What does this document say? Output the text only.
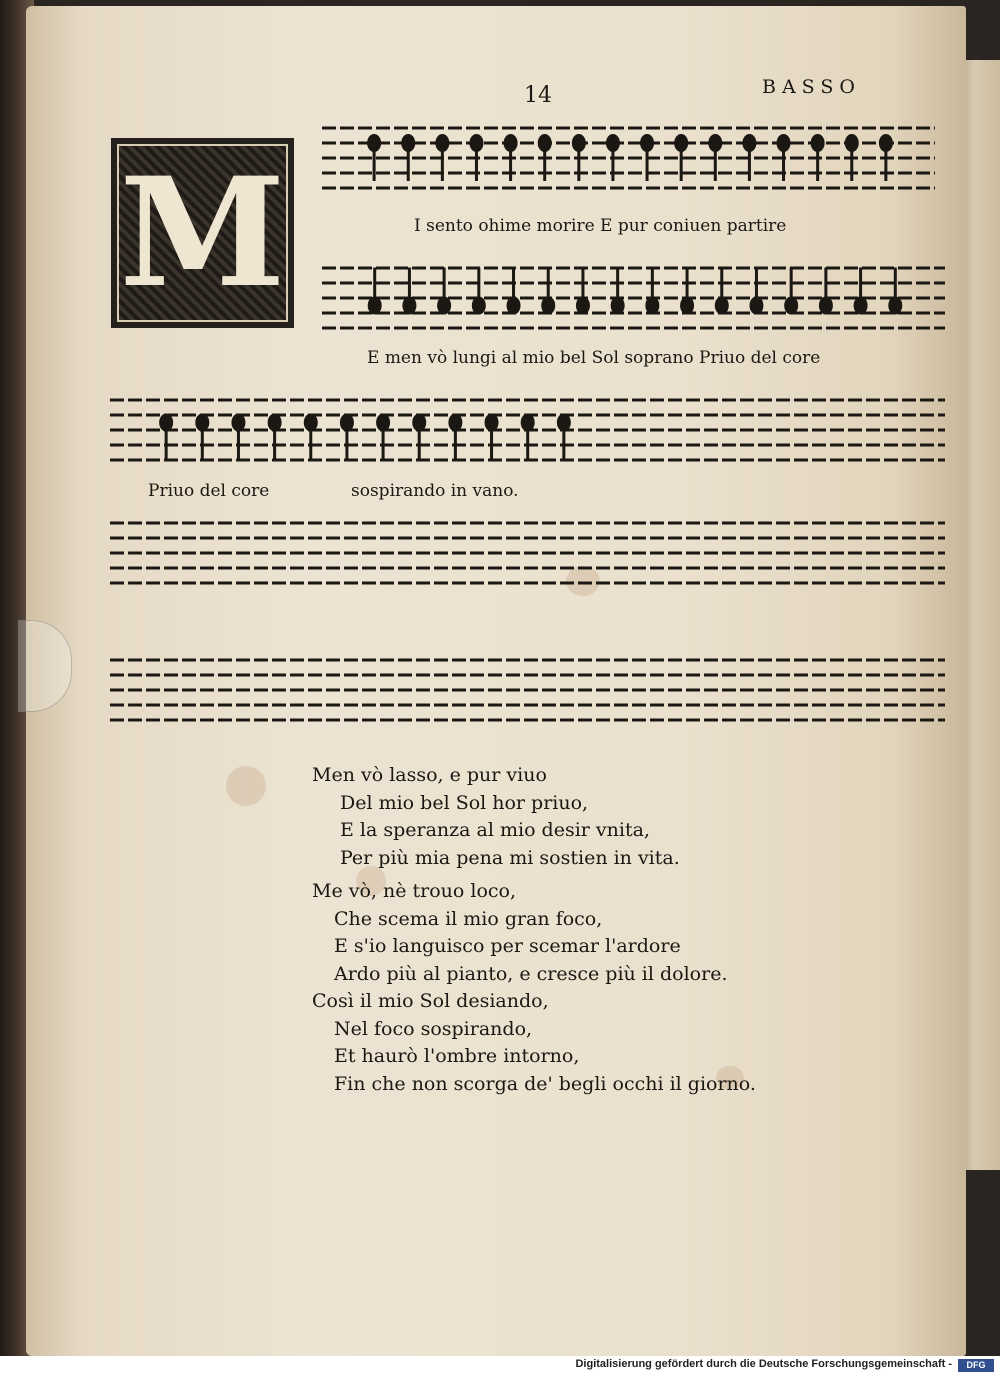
BASSO
14
M	I sento ohime morire E pur coniuen partire
E men vò lungi al mio bel Sol soprano Priuo del core
Priuo del core	sospirando in vano.
Men vò lasso, e pur viuo
Del mio bel Sol hor priuo,
E la speranza al mio desir vnita,
Per più mia pena mi sostien in vita.
Me vò, nè trouo loco,
Che scema il mio gran foco,
E s'io languisco per scemar l'ardore
Ardo più al pianto, e cresce più il dolore.
Così il mio Sol desiando,
Nel foco sospirando,
Et haurò l'ombre intorno,
Fin che non scorga de' begli occhi il giorno.
Digitalisierung gefördert durch die Deutsche Forschungsgemeinschaft -	DFG
